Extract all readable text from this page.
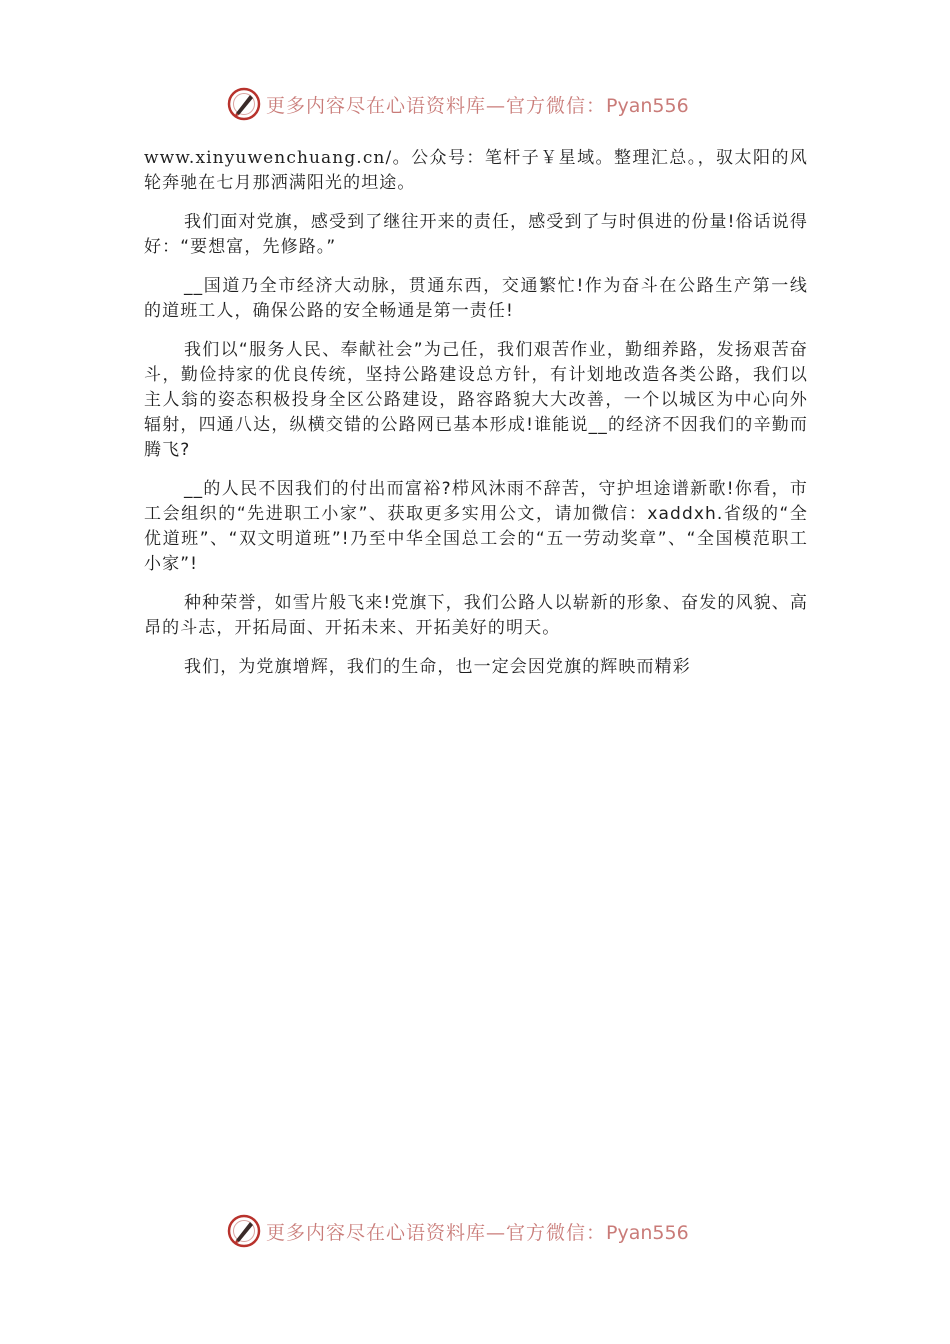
更多内容尽在心语资料库—官方微信：Pyan556

www.xinyuwenchuang.cn/。公众号：笔杆子￥星域。整理汇总。，驭太阳的风轮奔驰在七月那洒满阳光的坦途。

我们面对党旗，感受到了继往开来的责任，感受到了与时俱进的份量!俗话说得好：“要想富，先修路。”

__国道乃全市经济大动脉，贯通东西，交通繁忙!作为奋斗在公路生产第一线的道班工人，确保公路的安全畅通是第一责任!

我们以“服务人民、奉献社会”为己任，我们艰苦作业，勤细养路，发扬艰苦奋斗，勤俭持家的优良传统，坚持公路建设总方针，有计划地改造各类公路，我们以主人翁的姿态积极投身全区公路建设，路容路貌大大改善，一个以城区为中心向外辐射，四通八达，纵横交错的公路网已基本形成!谁能说__的经济不因我们的辛勤而腾飞?

__的人民不因我们的付出而富裕?栉风沐雨不辞苦，守护坦途谱新歌!你看，市工会组织的“先进职工小家”、获取更多实用公文，请加微信：xaddxh.省级的“全优道班”、“双文明道班”!乃至中华全国总工会的“五一劳动奖章”、“全国模范职工小家”!

种种荣誉，如雪片般飞来!党旗下，我们公路人以崭新的形象、奋发的风貌、高昂的斗志，开拓局面、开拓未来、开拓美好的明天。

我们，为党旗增辉，我们的生命，也一定会因党旗的辉映而精彩

更多内容尽在心语资料库—官方微信：Pyan556
